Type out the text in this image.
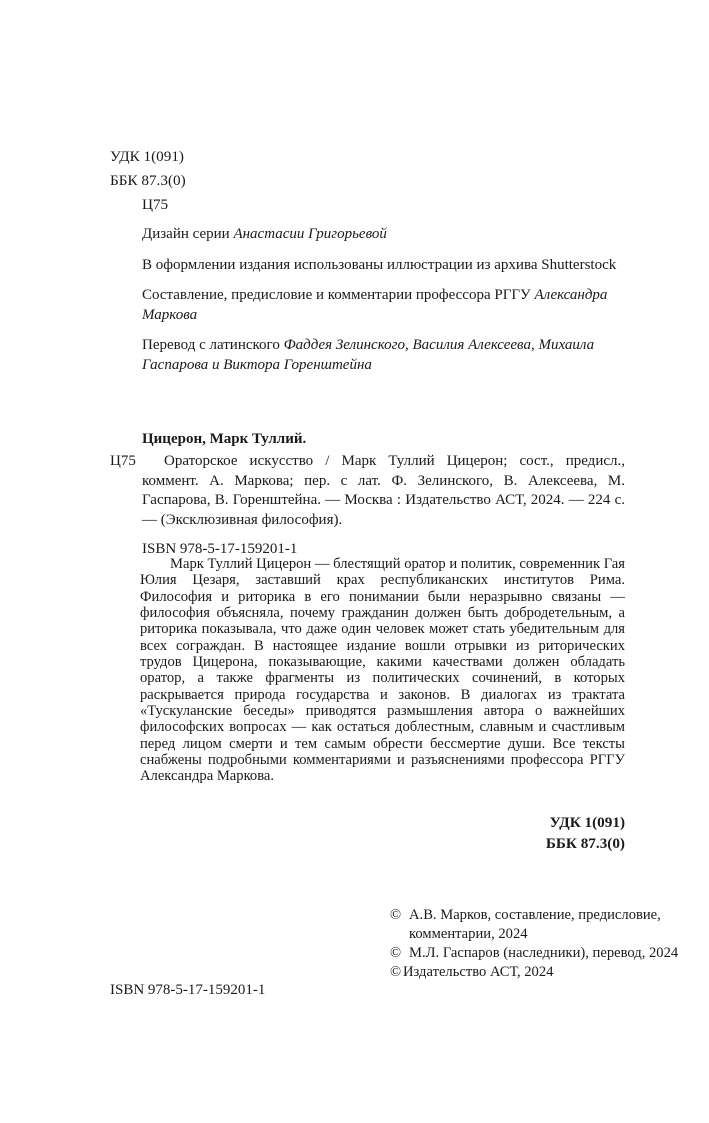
УДК 1(091)
ББК 87.3(0)
Ц75

Дизайн серии Анастасии Григорьевой

В оформлении издания использованы иллюстрации из архива Shutterstock

Составление, предисловие и комментарии профессора РГГУ Александра Маркова

Перевод с латинского Фаддея Зелинского, Василия Алексеева, Михаила Гаспарова и Виктора Горенштейна

Цицерон, Марк Туллий.

Ц75 Ораторское искусство / Марк Туллий Цицерон; сост., предисл., коммент. А. Маркова; пер. с лат. Ф. Зелинского, В. Алексеева, М. Гаспарова, В. Горенштейна. — Москва : Издательство АСТ, 2024. — 224 с. — (Эксклюзивная философия).

ISBN 978-5-17-159201-1

Марк Туллий Цицерон — блестящий оратор и политик, современник Гая Юлия Цезаря, заставший крах республиканских институтов Рима. Философия и риторика в его понимании были неразрывно связаны — философия объясняла, почему гражданин должен быть добродетельным, а риторика показывала, что даже один человек может стать убедительным для всех сограждан. В настоящее издание вошли отрывки из риторических трудов Цицерона, показывающие, какими качествами должен обладать оратор, а также фрагменты из политических сочинений, в которых раскрывается природа государства и законов. В диалогах из трактата «Тускуланские беседы» приводятся размышления автора о важнейших философских вопросах — как остаться доблестным, славным и счастливым перед лицом смерти и тем самым обрести бессмертие души. Все тексты снабжены подробными комментариями и разъяснениями профессора РГГУ Александра Маркова.

УДК 1(091)
ББК 87.3(0)
© А.В. Марков, составление, предисловие, комментарии, 2024
© М.Л. Гаспаров (наследники), перевод, 2024
© Издательство АСТ, 2024
ISBN 978-5-17-159201-1
